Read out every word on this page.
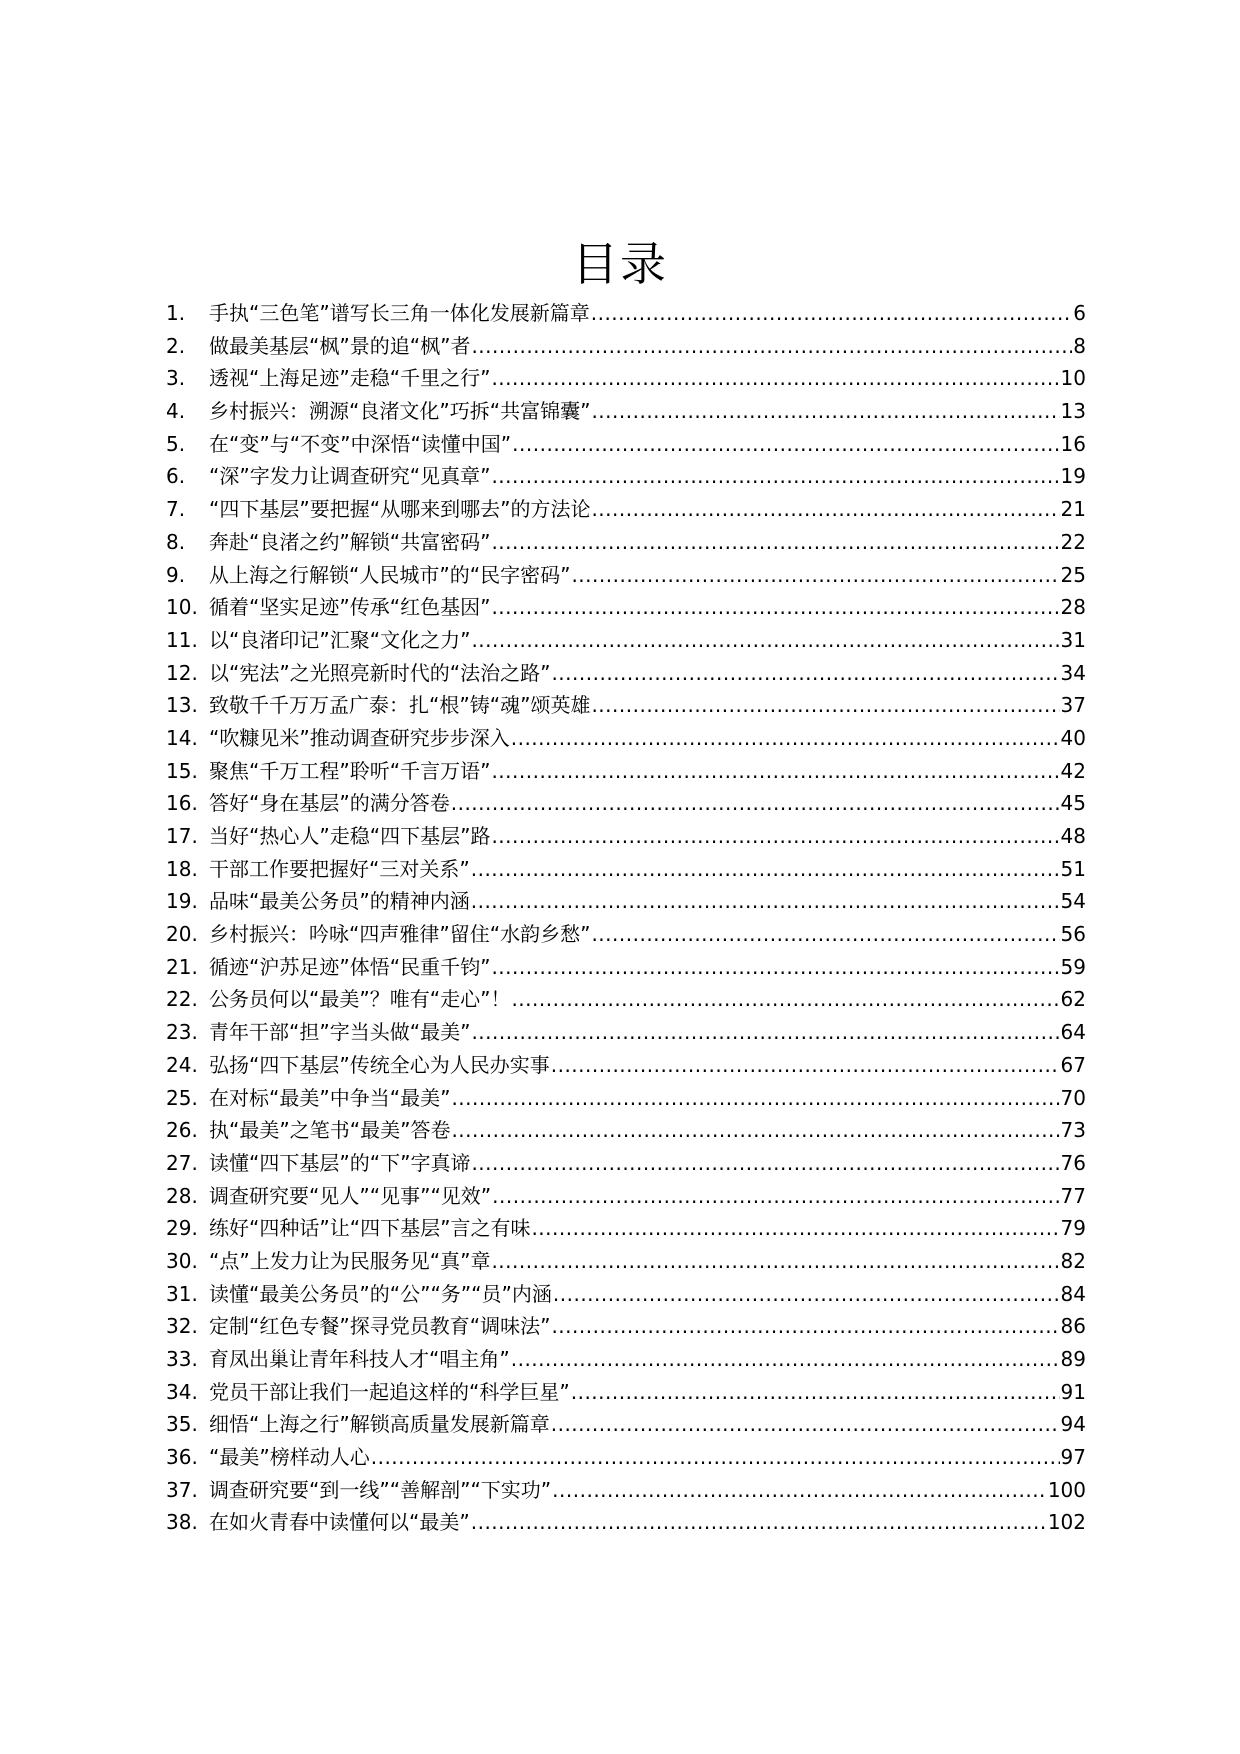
目录
1.	手执“三色笔”谱写长三角一体化发展新篇章 .....	6
2.	做最美基层“枫”景的追“枫”者 .....	8
3.	透视“上海足迹”走稳“千里之行” .....	10
4.	乡村振兴：溯源“良渚文化”巧拆“共富锦囊” .....	13
5.	在“变”与“不变”中深悟“读懂中国” .....	16
6.	“深”字发力让调查研究“见真章” .....	19
7.	“四下基层”要把握“从哪来到哪去”的方法论 .....	21
8.	奔赴“良渚之约”解锁“共富密码” .....	22
9.	从上海之行解锁“人民城市”的“民字密码” .....	25
10. 循着“坚实足迹”传承“红色基因” .....	28
11. 以“良渚印记”汇聚“文化之力” .....	31
12. 以“宪法”之光照亮新时代的“法治之路” .....	34
13. 致敬千千万万孟广泰：扎“根”铸“魂”颂英雄 .....	37
14. “吹糠见米”推动调查研究步步深入 .....	40
15. 聚焦“千万工程”聆听“千言万语” .....	42
16. 答好“身在基层”的满分答卷 .....	45
17. 当好“热心人”走稳“四下基层”路 .....	48
18. 干部工作要把握好“三对关系” .....	51
19. 品味“最美公务员”的精神内涵 .....	54
20. 乡村振兴：吟咏“四声雅律”留住“水韵乡愁” .....	56
21. 循迹“沪苏足迹”体悟“民重千钧” .....	59
22. 公务员何以“最美”？唯有“走心”！ .....	62
23. 青年干部“担”字当头做“最美” .....	64
24. 弘扬“四下基层”传统全心为人民办实事 .....	67
25. 在对标“最美”中争当“最美” .....	70
26. 执“最美”之笔书“最美”答卷 .....	73
27. 读懂“四下基层”的“下”字真谛 .....	76
28. 调查研究要“见人”“见事”“见效” .....	77
29. 练好“四种话”让“四下基层”言之有味 .....	79
30. “点”上发力让为民服务见“真”章 .....	82
31. 读懂“最美公务员”的“公”“务”“员”内涵 .....	84
32. 定制“红色专餐”探寻党员教育“调味法” .....	86
33. 育凤出巢让青年科技人才“唱主角” .....	89
34. 党员干部让我们一起追这样的“科学巨星” .....	91
35. 细悟“上海之行”解锁高质量发展新篇章 .....	94
36. “最美”榜样动人心 .....	97
37. 调查研究要“到一线”“善解剖”“下实功” .....	100
38. 在如火青春中读懂何以“最美” .....	102
